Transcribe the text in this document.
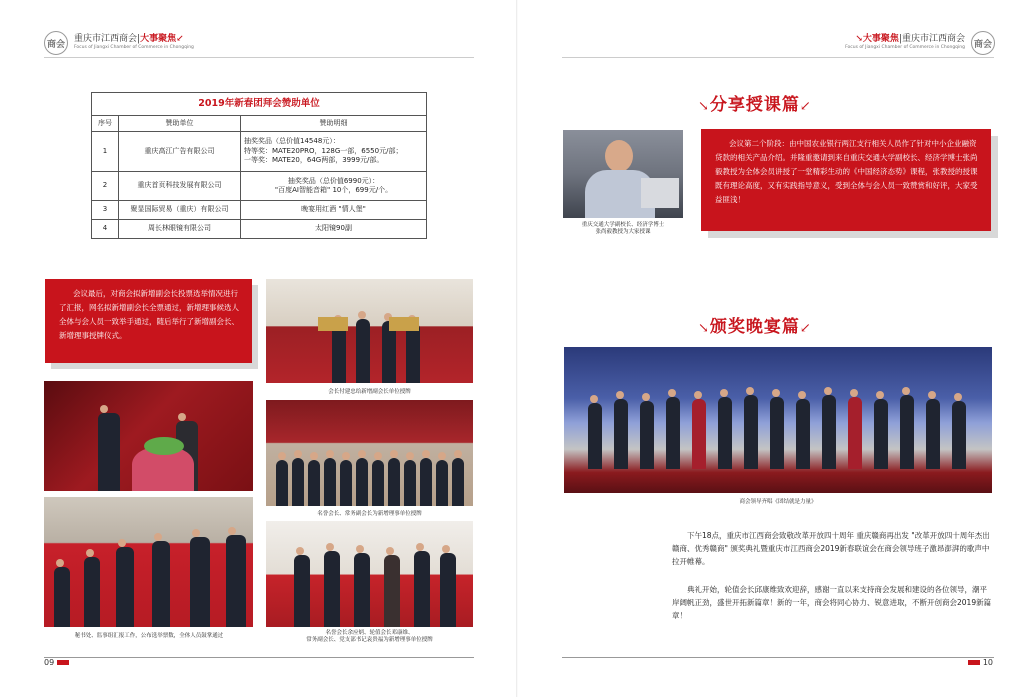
商会
重庆市江西商会|大事聚焦↙
Focus of Jiangxi Chamber of Commerce in Chongqing
2019年新春团拜会赞助单位		
序号	赞助单位	赞助明细
1	重庆高江广告有限公司	抽奖奖品（总价值14548元）：
特等奖：MATE20PRO，128G一部，6550元/部；
一等奖：MATE20，64G两部，3999元/部。
2	重庆首页科技发展有限公司	抽奖奖品（总价值6990元）：
"百度AI智能音箱" 10个，699元/个。
3	聚显国际贸易（重庆）有限公司	晚宴用红酒 "情人堡"
4	周长林眼镜有限公司	太阳镜90副
会议最后，对商会拟新增副会长投票选举情况进行了汇报，网名拟新增副会长全票通过，新增理事候选人全体与会人员一致举手通过，随后举行了新增副会长、新增理事授牌仪式。
会长付建忠给新增副会长单位授牌
名誉会长、常务副会长为新增理事单位授牌
名誉会长余应炳、轮值会长邓康维、
常务副会长、党支部书记袁贵福为新增理事单位授牌
秘书处、监事组汇报工作，公布选举票数，全体人员鼓掌通过
09
商会
↘大事聚焦|重庆市江西商会
Focus of Jiangxi Chamber of Commerce in Chongqing
↘分享授课篇↙
重庆交通大学副校长、经济学博士
张尚毅教授为大家授课
会议第二个阶段：由中国农业银行两江支行相关人员作了针对中小企业融资贷款的相关产品介绍。并隆重邀请到来自重庆交通大学副校长、经济学博士张尚毅教授为全体会员讲授了一堂精彩生动的《中国经济态势》课程，张教授的授课既有理论高度，又有实践指导意义，受到全体与会人员一致赞赏和好评，大家受益匪浅！
↘颁奖晚宴篇↙
商会领导齐唱《团结就是力量》
下午18点，重庆市江西商会致敬改革开放四十周年 重庆赣商再出发 "改革开放四十周年杰出赣商、优秀赣商" 颁奖典礼暨重庆市江西商会2019新春联谊会在商会领导班子激昂澎湃的歌声中拉开帷幕。
典礼开始，轮值会长邱康维致欢迎辞，感谢一直以来支持商会发展和建设的各位领导，潮平岸阔帆正劲，盛世开拓新篇章！新的一年，商会将同心协力、锐意进取，不断开创商会2019新篇章！
10
